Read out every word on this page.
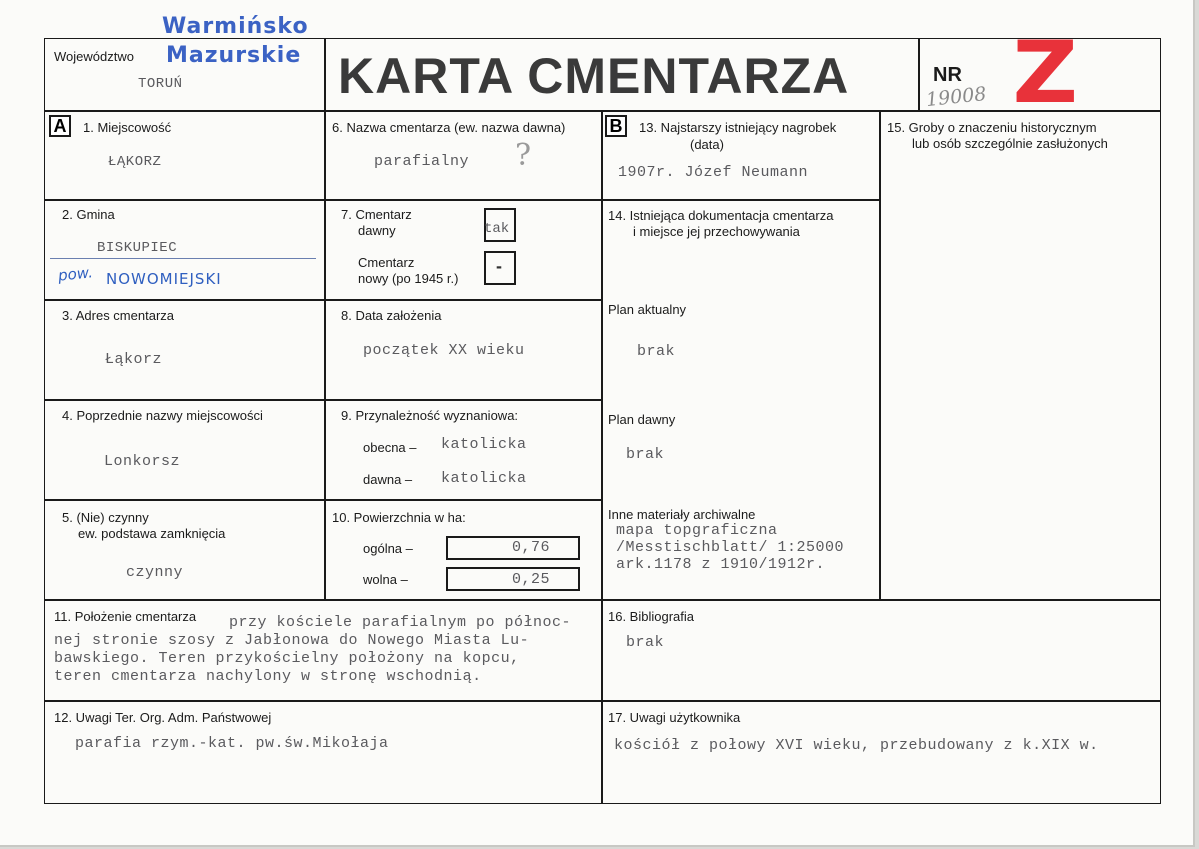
Warmińsko
Mazurskie
Województwo
TORUŃ	KARTA CMENTARZA	NR
19008 Z
A	B
1. Miejscowość
ŁĄKORZ
2. Gmina
BISKUPIEC
pow. NOWOMIEJSKI
3. Adres cmentarza
Łąkorz
4. Poprzednie nazwy miejscowości
Lonkorsz
5. (Nie) czynny
ew. podstawa zamknięcia
czynny
6. Nazwa cmentarza (ew. nazwa dawna)
parafialny ?
7. Cmentarz
dawny	tak
Cmentarz
nowy (po 1945 r.)
-
8. Data założenia
początek XX wieku
9. Przynależność wyznaniowa:
obecna – katolicka
dawna – katolicka
10. Powierzchnia w ha:
ogólna –	0,76
wolna –	0,25
13. Najstarszy istniejący nagrobek
(data)
1907r. Józef Neumann
14. Istniejąca dokumentacja cmentarza
i miejsce jej przechowywania
Plan aktualny
brak
Plan dawny
brak
Inne materiały archiwalne
mapa topgraficzna
/Messtischblatt/ 1:25000
ark.1178 z 1910/1912r.
15. Groby o znaczeniu historycznym
lub osób szczególnie zasłużonych
11. Położenie cmentarza przy kościele parafialnym po północ-
nej stronie szosy z Jabłonowa do Nowego Miasta Lu-
bawskiego. Teren przykościelny położony na kopcu,
teren cmentarza nachylony w stronę wschodnią.
16. Bibliografia
brak
12. Uwagi Ter. Org. Adm. Państwowej
parafia rzym.-kat. pw.św.Mikołaja
17. Uwagi użytkownika
kościół z połowy XVI wieku, przebudowany z k.XIX w.
